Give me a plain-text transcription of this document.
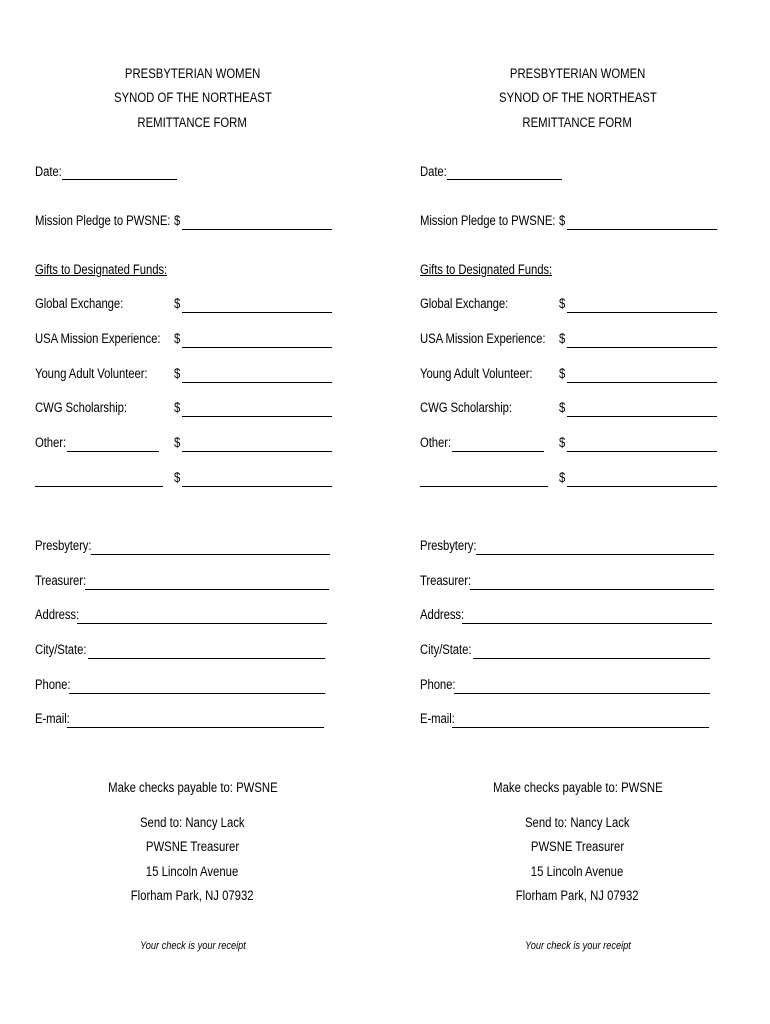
PRESBYTERIAN WOMEN
SYNOD OF THE NORTHEAST
REMITTANCE FORM
Date:
Mission Pledge to PWSNE: $
Gifts to Designated Funds:
Global Exchange:	$
USA Mission Experience: $
Young Adult Volunteer: $
CWG Scholarship:	$
Other:	$
$
Presbytery:
Treasurer:
Address:
City/State:
Phone:
E-mail:
Make checks payable to: PWSNE
Send to: Nancy Lack
PWSNE Treasurer
15 Lincoln Avenue
Florham Park, NJ 07932
Your check is your receipt
PRESBYTERIAN WOMEN
SYNOD OF THE NORTHEAST
REMITTANCE FORM
Date:
Mission Pledge to PWSNE: $
Gifts to Designated Funds:
Global Exchange:	$
USA Mission Experience: $
Young Adult Volunteer: $
CWG Scholarship:	$
Other:	$
$
Presbytery:
Treasurer:
Address:
City/State:
Phone:
E-mail:
Make checks payable to: PWSNE
Send to: Nancy Lack
PWSNE Treasurer
15 Lincoln Avenue
Florham Park, NJ 07932
Your check is your receipt
